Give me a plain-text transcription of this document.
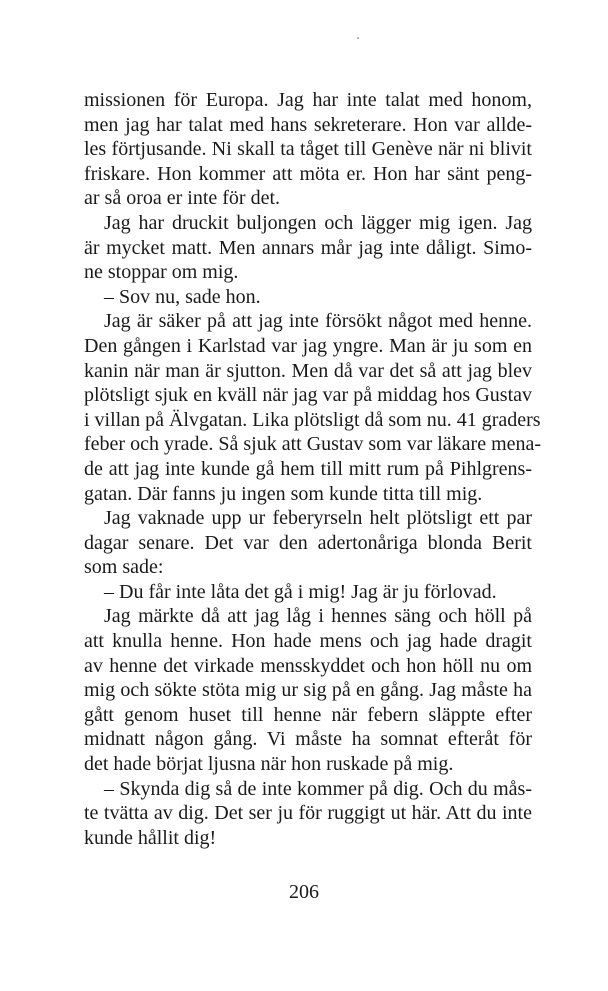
missionen för Europa. Jag har inte talat med honom,
men jag har talat med hans sekreterare. Hon var allde-
les förtjusande. Ni skall ta tåget till Genève när ni blivit
friskare. Hon kommer att möta er. Hon har sänt peng-
ar så oroa er inte för det.
Jag har druckit buljongen och lägger mig igen. Jag
är mycket matt. Men annars mår jag inte dåligt. Simo-
ne stoppar om mig.
– Sov nu, sade hon.
Jag är säker på att jag inte försökt något med henne.
Den gången i Karlstad var jag yngre. Man är ju som en
kanin när man är sjutton. Men då var det så att jag blev
plötsligt sjuk en kväll när jag var på middag hos Gustav
i villan på Älvgatan. Lika plötsligt då som nu. 41 graders
feber och yrade. Så sjuk att Gustav som var läkare mena-
de att jag inte kunde gå hem till mitt rum på Pihlgrens-
gatan. Där fanns ju ingen som kunde titta till mig.
Jag vaknade upp ur feberyrseln helt plötsligt ett par
dagar senare. Det var den adertonåriga blonda Berit
som sade:
– Du får inte låta det gå i mig! Jag är ju förlovad.
Jag märkte då att jag låg i hennes säng och höll på
att knulla henne. Hon hade mens och jag hade dragit
av henne det virkade mensskyddet och hon höll nu om
mig och sökte stöta mig ur sig på en gång. Jag måste ha
gått genom huset till henne när febern släppte efter
midnatt någon gång. Vi måste ha somnat efteråt för
det hade börjat ljusna när hon ruskade på mig.
– Skynda dig så de inte kommer på dig. Och du mås-
te tvätta av dig. Det ser ju för ruggigt ut här. Att du inte
kunde hållit dig!
206
